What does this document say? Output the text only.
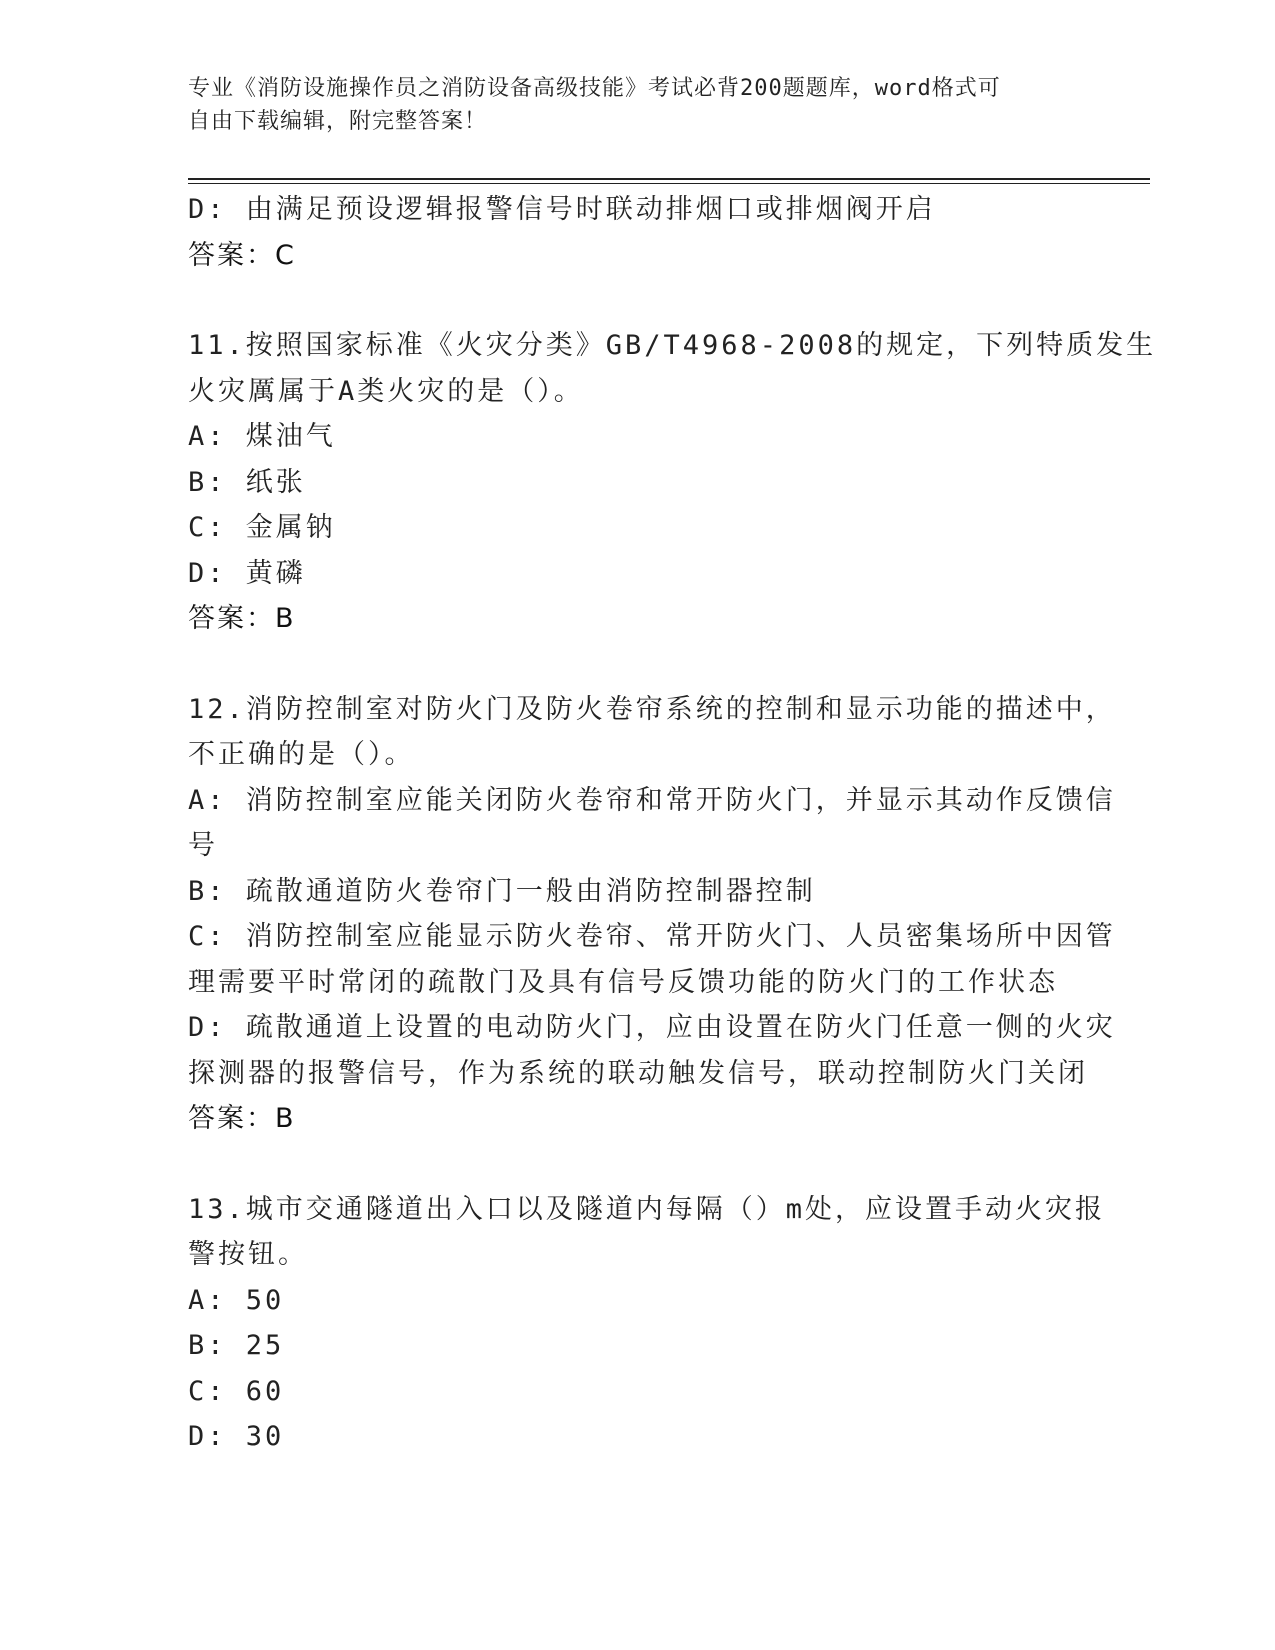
专业《消防设施操作员之消防设备高级技能》考试必背200题题库，word格式可
自由下载编辑，附完整答案！
D: 由满足预设逻辑报警信号时联动排烟口或排烟阀开启
答案：C
11.按照国家标准《火灾分类》GB/T4968-2008的规定，下列特质发生
火灾厲属于A类火灾的是（）。
A: 煤油气
B: 纸张
C: 金属钠
D: 黄磷
答案：B
12.消防控制室对防火门及防火卷帘系统的控制和显示功能的描述中，
不正确的是（）。
A: 消防控制室应能关闭防火卷帘和常开防火门，并显示其动作反馈信
号
B: 疏散通道防火卷帘门一般由消防控制器控制
C: 消防控制室应能显示防火卷帘、常开防火门、人员密集场所中因管
理需要平时常闭的疏散门及具有信号反馈功能的防火门的工作状态
D: 疏散通道上设置的电动防火门，应由设置在防火门任意一侧的火灾
探测器的报警信号，作为系统的联动触发信号，联动控制防火门关闭
答案：B
13.城市交通隧道出入口以及隧道内每隔（）m处，应设置手动火灾报
警按钮。
A: 50
B: 25
C: 60
D: 30
